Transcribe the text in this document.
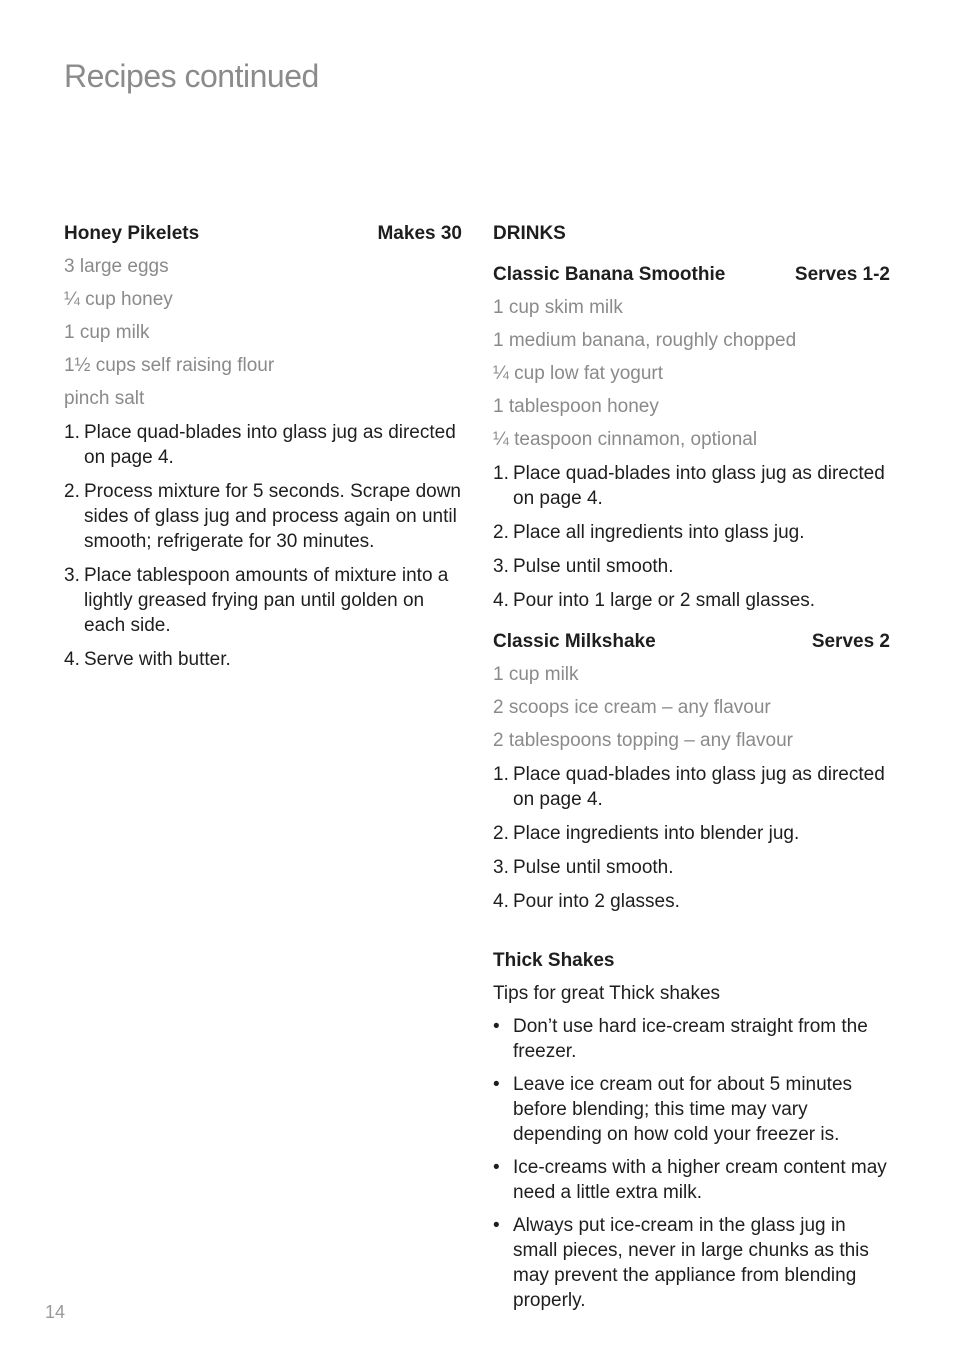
Recipes continued
Honey Pikelets	Makes 30
3 large eggs
¼ cup honey
1 cup milk
1½ cups self raising flour
pinch salt
1. Place quad-blades into glass jug as directed on page 4.
2. Process mixture for 5 seconds. Scrape down sides of glass jug and process again on until smooth; refrigerate for 30 minutes.
3. Place tablespoon amounts of mixture into a lightly greased frying pan until golden on each side.
4. Serve with butter.
DRINKS
Classic Banana Smoothie	Serves 1-2
1 cup skim milk
1 medium banana, roughly chopped
¼ cup low fat yogurt
1 tablespoon honey
¼ teaspoon cinnamon, optional
1. Place quad-blades into glass jug as directed on page 4.
2. Place all ingredients into glass jug.
3. Pulse until smooth.
4. Pour into 1 large or 2 small glasses.
Classic Milkshake	Serves 2
1 cup milk
2 scoops ice cream – any flavour
2 tablespoons topping – any flavour
1. Place quad-blades into glass jug as directed on page 4.
2. Place ingredients into blender jug.
3. Pulse until smooth.
4. Pour into 2 glasses.
Thick Shakes
Tips for great Thick shakes
• Don’t use hard ice-cream straight from the freezer.
• Leave ice cream out for about 5 minutes before blending; this time may vary depending on how cold your freezer is.
• Ice-creams with a higher cream content may need a little extra milk.
• Always put ice-cream in the glass jug in small pieces, never in large chunks as this may prevent the appliance from blending properly.
14
